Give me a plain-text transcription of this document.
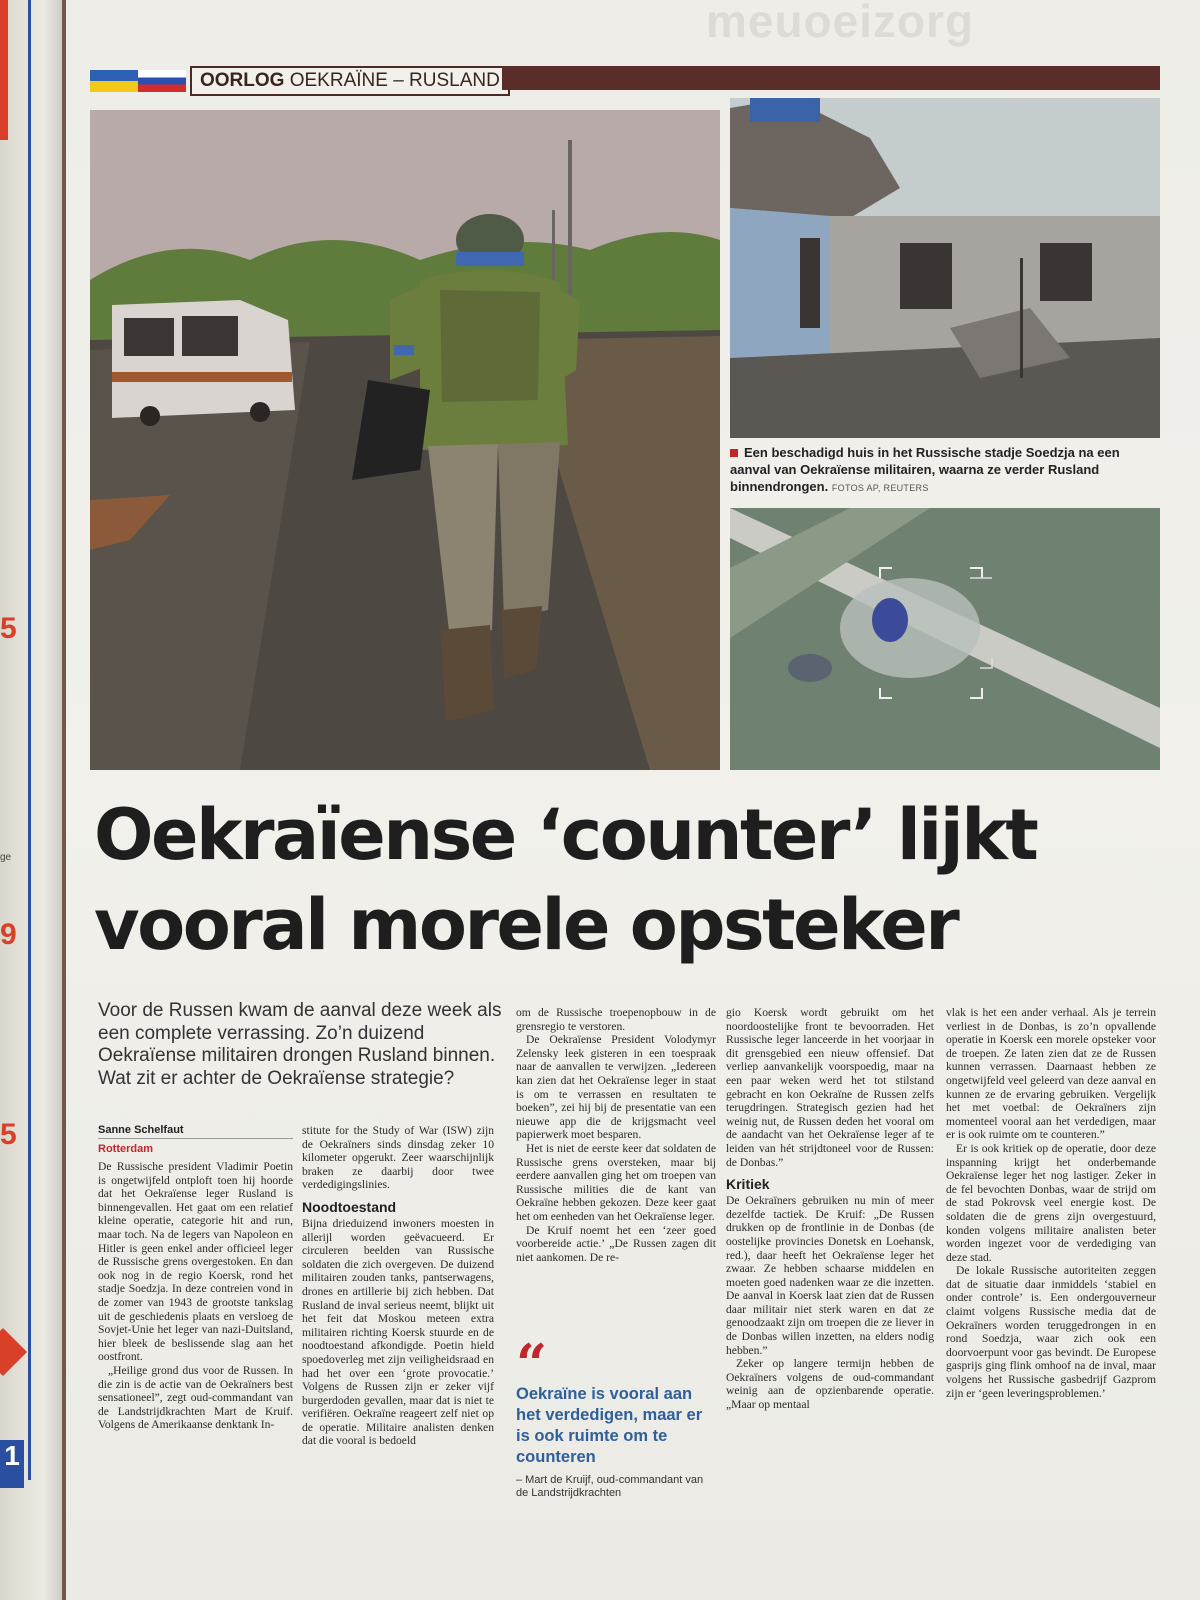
5
ge
9
5
1
meuoeizorg
OORLOG OEKRAÏNE – RUSLAND
Een beschadigd huis in het Russische stadje Soedzja na een aanval van Oekraïense militairen, waarna ze verder Rusland binnendrongen. FOTOS AP, REUTERS
Oekraïense ‘counter’ lijkt
vooral morele opsteker

Voor de Russen kwam de aanval deze week als een complete verrassing. Zo’n duizend Oekraïense militairen drongen Rusland binnen. Wat zit er achter de Oekraïense strategie?

Sanne Schelfaut
Rotterdam

De Russische president Vladimir Poetin is ongetwijfeld ontploft toen hij hoorde dat het Oekraïense leger Rusland is binnengevallen. Het gaat om een relatief kleine operatie, categorie hit and run, maar toch. Na de legers van Napoleon en Hitler is geen enkel ander officieel leger de Russische grens overgestoken. En dan ook nog in de regio Koersk, rond het stadje Soedzja. In deze contreien vond in de zomer van 1943 de grootste tankslag uit de geschiedenis plaats en versloeg de Sovjet-Unie het leger van nazi-Duitsland, hier bleek de beslissende slag aan het oostfront.

„Heilige grond dus voor de Russen. In die zin is de actie van de Oekraïners best sensationeel”, zegt oud-commandant van de Landstrijdkrachten Mart de Kruif. Volgens de Amerikaanse denktank In-

stitute for the Study of War (ISW) zijn de Oekraïners sinds dinsdag zeker 10 kilometer opgerukt. Zeer waarschijnlijk braken ze daarbij door twee verdedigingslinies.

Noodtoestand

Bijna drieduizend inwoners moesten in allerijl worden geëvacueerd. Er circuleren beelden van Russische soldaten die zich overgeven. De duizend militairen zouden tanks, pantserwagens, drones en artillerie bij zich hebben. Dat Rusland de inval serieus neemt, blijkt uit het feit dat Moskou meteen extra militairen richting Koersk stuurde en de noodtoestand afkondigde. Poetin hield spoedoverleg met zijn veiligheidsraad en had het over een ‘grote provocatie.’ Volgens de Russen zijn er zeker vijf burgerdoden gevallen, maar dat is niet te verifiëren. Oekraïne reageert zelf niet op de operatie. Militaire analisten denken dat die vooral is bedoeld

om de Russische troepenopbouw in de grensregio te verstoren.

De Oekraïense President Volodymyr Zelensky leek gisteren in een toespraak naar de aanvallen te verwijzen. „Iedereen kan zien dat het Oekraïense leger in staat is om te verrassen en resultaten te boeken”, zei hij bij de presentatie van een nieuwe app die de krijgsmacht veel papierwerk moet besparen.

Het is niet de eerste keer dat soldaten de Russische grens oversteken, maar bij eerdere aanvallen ging het om troepen van Russische milities die de kant van Oekraïne hebben gekozen. Deze keer gaat het om eenheden van het Oekraïense leger.

De Kruif noemt het een ‘zeer goed voorbereide actie.’ „De Russen zagen dit niet aankomen. De re-

“
Oekraïne is vooral aan het verdedigen, maar er is ook ruimte om te counteren
– Mart de Kruijf, oud-commandant van de Landstrijdkrachten

gio Koersk wordt gebruikt om het noordoostelijke front te bevoorraden. Het Russische leger lanceerde in het voorjaar in dit grensgebied een nieuw offensief. Dat verliep aanvankelijk voorspoedig, maar na een paar weken werd het tot stilstand gebracht en kon Oekraïne de Russen zelfs terugdringen. Strategisch gezien had het weinig nut, de Russen deden het vooral om de aandacht van het Oekraïense leger af te leiden van hét strijdtoneel voor de Russen: de Donbas.”

Kritiek

De Oekraïners gebruiken nu min of meer dezelfde tactiek. De Kruif: „De Russen drukken op de frontlinie in de Donbas (de oostelijke provincies Donetsk en Loehansk, red.), daar heeft het Oekraïense leger het zwaar. Ze hebben schaarse middelen en moeten goed nadenken waar ze die inzetten. De aanval in Koersk laat zien dat de Russen daar militair niet sterk waren en dat ze genoodzaakt zijn om troepen die ze liever in de Donbas willen inzetten, na elders nodig hebben.”

Zeker op langere termijn hebben de Oekraïners volgens de oud-commandant weinig aan de opzienbarende operatie. „Maar op mentaal

vlak is het een ander verhaal. Als je terrein verliest in de Donbas, is zo’n opvallende operatie in Koersk een morele opsteker voor de troepen. Ze laten zien dat ze de Russen kunnen verrassen. Daarnaast hebben ze ongetwijfeld veel geleerd van deze aanval en kunnen ze de ervaring gebruiken. Vergelijk het met voetbal: de Oekraïners zijn momenteel vooral aan het verdedigen, maar er is ook ruimte om te counteren.”

Er is ook kritiek op de operatie, door deze inspanning krijgt het onderbemande Oekraïense leger het nog lastiger. Zeker in de fel bevochten Donbas, waar de strijd om de stad Pokrovsk veel energie kost. De soldaten die de grens zijn overgestuurd, konden volgens militaire analisten beter worden ingezet voor de verdediging van deze stad.

De lokale Russische autoriteiten zeggen dat de situatie daar inmiddels ‘stabiel en onder controle’ is. Een ondergouverneur claimt volgens Russische media dat de Oekraïners worden teruggedrongen in en rond Soedzja, waar zich ook een doorvoerpunt voor gas bevindt. De Europese gasprijs ging flink omhoof na de inval, maar volgens het Russische gasbedrijf Gazprom zijn er ‘geen leveringsproblemen.’
